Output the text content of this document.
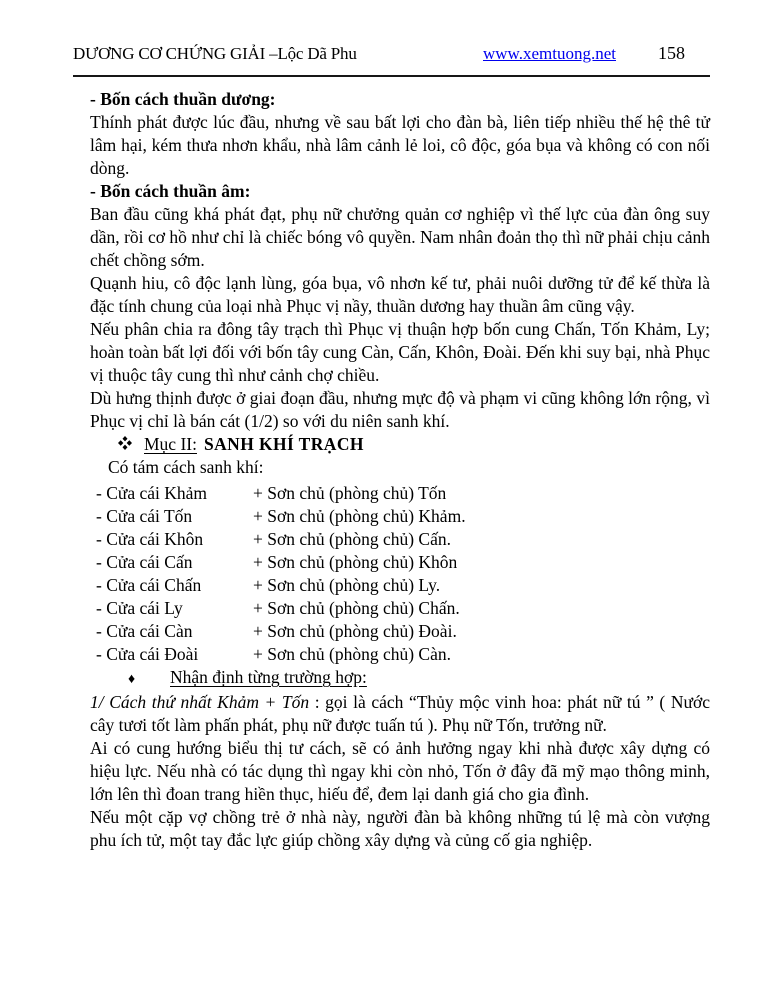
DƯƠNG CƠ CHỨNG GIẢI –Lộc Dã Phu	www.xemtuong.net 158
- Bốn cách thuần dương:

Thính phát được lúc đầu, nhưng về sau bất lợi cho đàn bà, liên tiếp nhiều thế hệ thê tử lâm hại, kém thưa nhơn khẩu, nhà lâm cảnh lẻ loi, cô độc, góa bụa và không có con nối dòng.

- Bốn cách thuần âm:

Ban đầu cũng khá phát đạt, phụ nữ chưởng quản cơ nghiệp vì thế lực của đàn ông suy dần, rồi cơ hồ như chỉ là chiếc bóng vô quyền. Nam nhân đoản thọ thì nữ phải chịu cảnh chết chồng sớm.

Quạnh hiu, cô độc lạnh lùng, góa bụa, vô nhơn kế tư, phải nuôi dưỡng tử để kế thừa là đặc tính chung của loại nhà Phục vị nầy, thuần dương hay thuần âm cũng vậy.

Nếu phân chia ra đông tây trạch thì Phục vị thuận hợp bốn cung Chấn, Tốn Khảm, Ly; hoàn toàn bất lợi đối với bốn tây cung Càn, Cấn, Khôn, Đoài. Đến khi suy bại, nhà Phục vị thuộc tây cung thì như cảnh chợ chiều.

Dù hưng thịnh được ở giai đoạn đầu, nhưng mực độ và phạm vi cũng không lớn rộng, vì Phục vị chỉ là bán cát (1/2) so với du niên sanh khí.

Mục II: SANH KHÍ TRẠCH
Có tám cách sanh khí:
- Cửa cái Khảm	+ Sơn chủ (phòng chủ) Tốn
- Cửa cái Tốn	+ Sơn chủ (phòng chủ) Khảm.
- Cửa cái Khôn	+ Sơn chủ (phòng chủ) Cấn.
- Cửa cái Cấn	+ Sơn chủ (phòng chủ) Khôn
- Cửa cái Chấn	+ Sơn chủ (phòng chủ) Ly.
- Cửa cái Ly	+ Sơn chủ (phòng chủ) Chấn.
- Cửa cái Càn	+ Sơn chủ (phòng chủ) Đoài.
- Cửa cái Đoài	+ Sơn chủ (phòng chủ) Càn.
♦ Nhận định từng trường hợp:

1/ Cách thứ nhất Khảm + Tốn : gọi là cách “Thủy mộc vinh hoa: phát nữ tú ” ( Nước cây tươi tốt làm phấn phát, phụ nữ được tuấn tú ). Phụ nữ Tốn, trưởng nữ.

Ai có cung hướng biểu thị tư cách, sẽ có ảnh hưởng ngay khi nhà được xây dựng có hiệu lực. Nếu nhà có tác dụng thì ngay khi còn nhỏ, Tốn ở đây đã mỹ mạo thông minh, lớn lên thì đoan trang hiền thục, hiếu để, đem lại danh giá cho gia đình.

Nếu một cặp vợ chồng trẻ ở nhà này, người đàn bà không những tú lệ mà còn vượng phu ích tử, một tay đắc lực giúp chồng xây dựng và củng cố gia nghiệp.
